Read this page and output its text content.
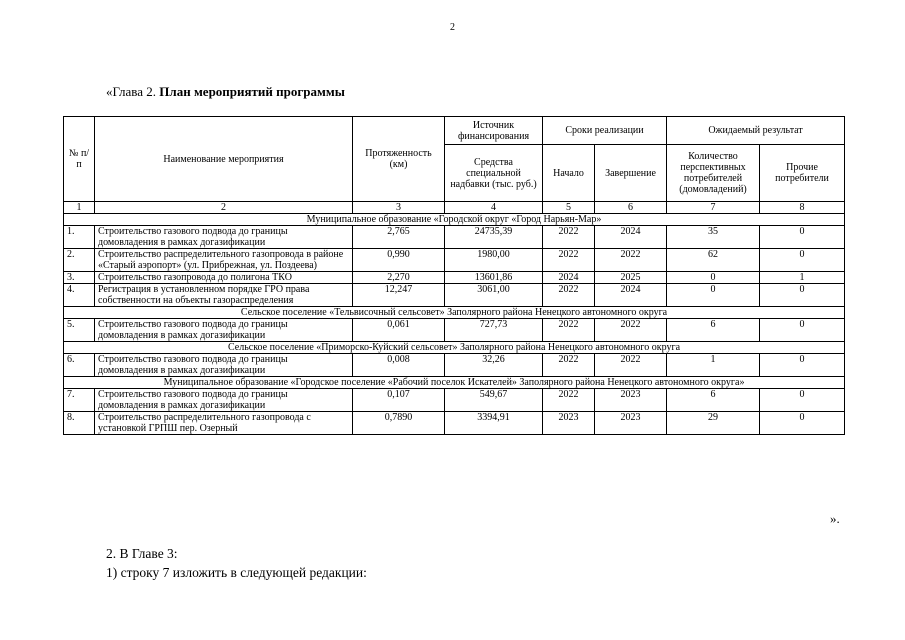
2
«Глава 2. План мероприятий программы
№ п/п	Наименование мероприятия	Протяженность (км)	Источник финансирования	Сроки реализации		Ожидаемый результат	
			Средства специальной надбавки (тыс. руб.)	Начало	Завершение	Количество перспективных потребителей (домовладений)	Прочие потребители
1	2	3	4	5	6	7	8
Муниципальное образование «Городской округ «Город Нарьян-Мар»							
1.	Строительство газового подвода до границы домовладения в рамках догазификации	2,765	24735,39	2022	2024	35	0
2.	Строительство распределительного газопровода в районе «Старый аэропорт» (ул. Прибрежная, ул. Поздеева)	0,990	1980,00	2022	2022	62	0
3.	Строительство газопровода до полигона ТКО	2,270	13601,86	2024	2025	0	1
4.	Регистрация в установленном порядке ГРО права собственности на объекты газораспределения	12,247	3061,00	2022	2024	0	0
Сельское поселение «Тельвисочный сельсовет» Заполярного района Ненецкого автономного округа							
5.	Строительство газового подвода до границы домовладения в рамках догазификации	0,061	727,73	2022	2022	6	0
Сельское поселение «Приморско-Куйский сельсовет» Заполярного района Ненецкого автономного округа							
6.	Строительство газового подвода до границы домовладения в рамках догазификации	0,008	32,26	2022	2022	1	0
Муниципальное образование «Городское поселение «Рабочий поселок Искателей» Заполярного района Ненецкого автономного округа»							
7.	Строительство газового подвода до границы домовладения в рамках догазификации	0,107	549,67	2022	2023	6	0
8.	Строительство распределительного газопровода с установкой ГРПШ пер. Озерный	0,7890	3394,91	2023	2023	29	0
».
2. В Главе 3:
1) строку 7 изложить в следующей редакции:
